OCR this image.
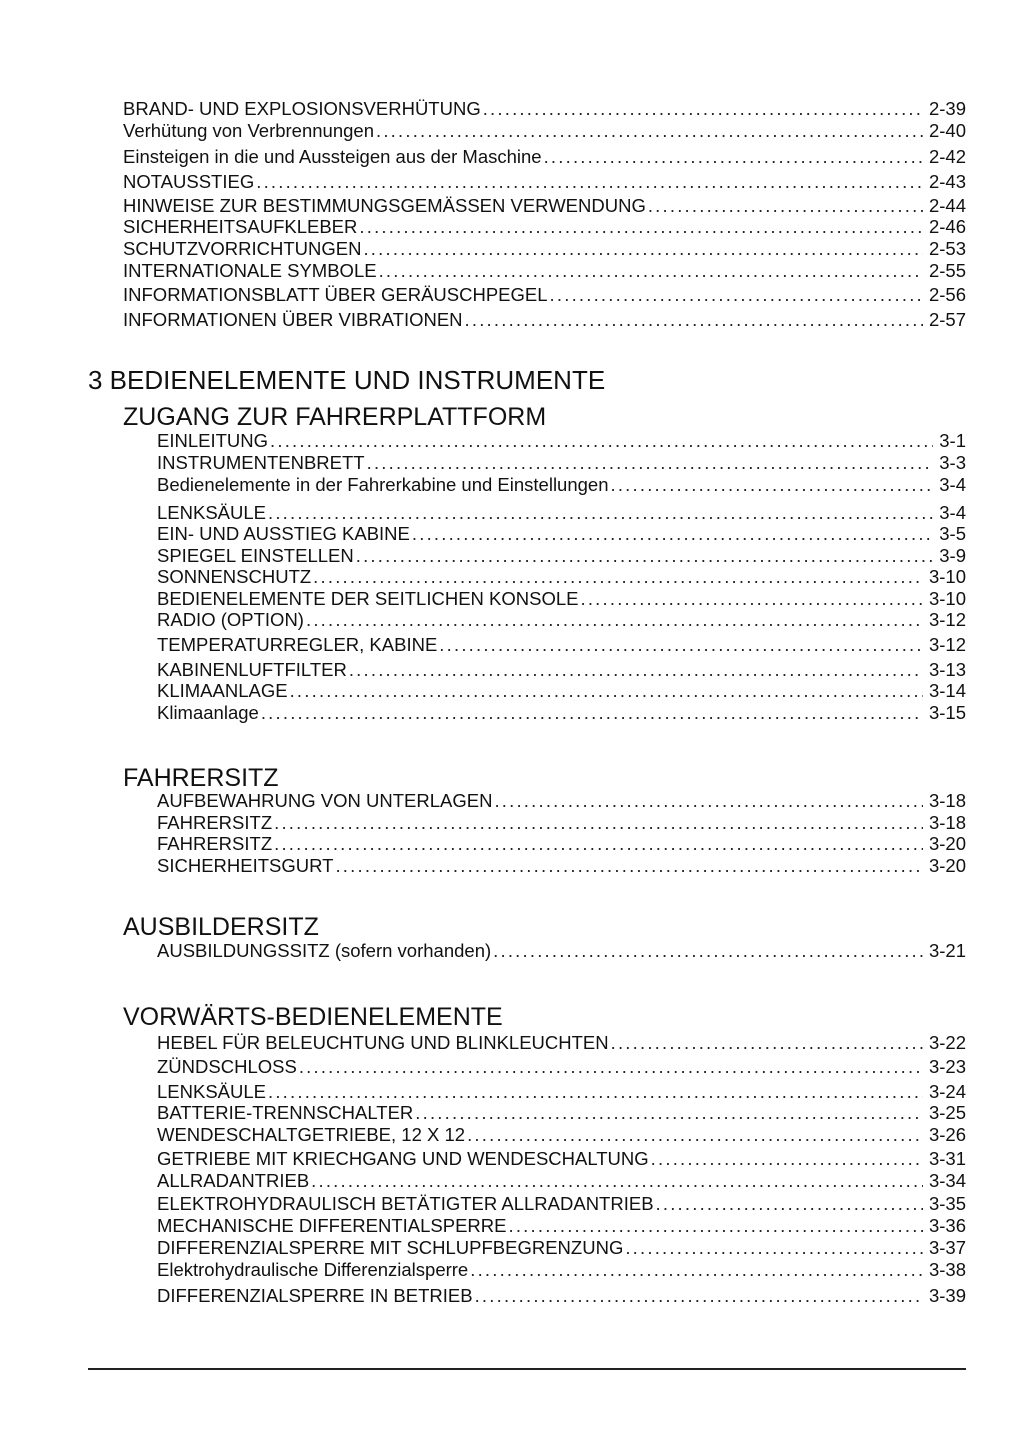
BRAND- UND EXPLOSIONSVERHÜTUNG .....	2-39
Verhütung von Verbrennungen .....	2-40
Einsteigen in die und Aussteigen aus der Maschine .....	2-42
NOTAUSSTIEG .....	2-43
HINWEISE ZUR BESTIMMUNGSGEMÄSSEN VERWENDUNG .....	2-44
SICHERHEITSAUFKLEBER .....	2-46
SCHUTZVORRICHTUNGEN .....	2-53
INTERNATIONALE SYMBOLE .....	2-55
INFORMATIONSBLATT ÜBER GERÄUSCHPEGEL .....	2-56
INFORMATIONEN ÜBER VIBRATIONEN .....	2-57
3 BEDIENELEMENTE UND INSTRUMENTE
ZUGANG ZUR FAHRERPLATTFORM
EINLEITUNG .....	3-1
INSTRUMENTENBRETT .....	3-3
Bedienelemente in der Fahrerkabine und Einstellungen .....	3-4
LENKSÄULE .....	3-4
EIN- UND AUSSTIEG KABINE .....	3-5
SPIEGEL EINSTELLEN .....	3-9
SONNENSCHUTZ .....	3-10
BEDIENELEMENTE DER SEITLICHEN KONSOLE .....	3-10
RADIO (OPTION) .....	3-12
TEMPERATURREGLER, KABINE .....	3-12
KABINENLUFTFILTER .....	3-13
KLIMAANLAGE .....	3-14
Klimaanlage .....	3-15
FAHRERSITZ
AUFBEWAHRUNG VON UNTERLAGEN .....	3-18
FAHRERSITZ .....	3-18
FAHRERSITZ .....	3-20
SICHERHEITSGURT .....	3-20
AUSBILDERSITZ
AUSBILDUNGSSITZ (sofern vorhanden) .....	3-21
VORWÄRTS-BEDIENELEMENTE
HEBEL FÜR BELEUCHTUNG UND BLINKLEUCHTEN .....	3-22
ZÜNDSCHLOSS .....	3-23
LENKSÄULE .....	3-24
BATTERIE-TRENNSCHALTER .....	3-25
WENDESCHALTGETRIEBE, 12 X 12 .....	3-26
GETRIEBE MIT KRIECHGANG UND WENDESCHALTUNG .....	3-31
ALLRADANTRIEB .....	3-34
ELEKTROHYDRAULISCH BETÄTIGTER ALLRADANTRIEB .....	3-35
MECHANISCHE DIFFERENTIALSPERRE .....	3-36
DIFFERENZIALSPERRE MIT SCHLUPFBEGRENZUNG .....	3-37
Elektrohydraulische Differenzialsperre .....	3-38
DIFFERENZIALSPERRE IN BETRIEB .....	3-39
